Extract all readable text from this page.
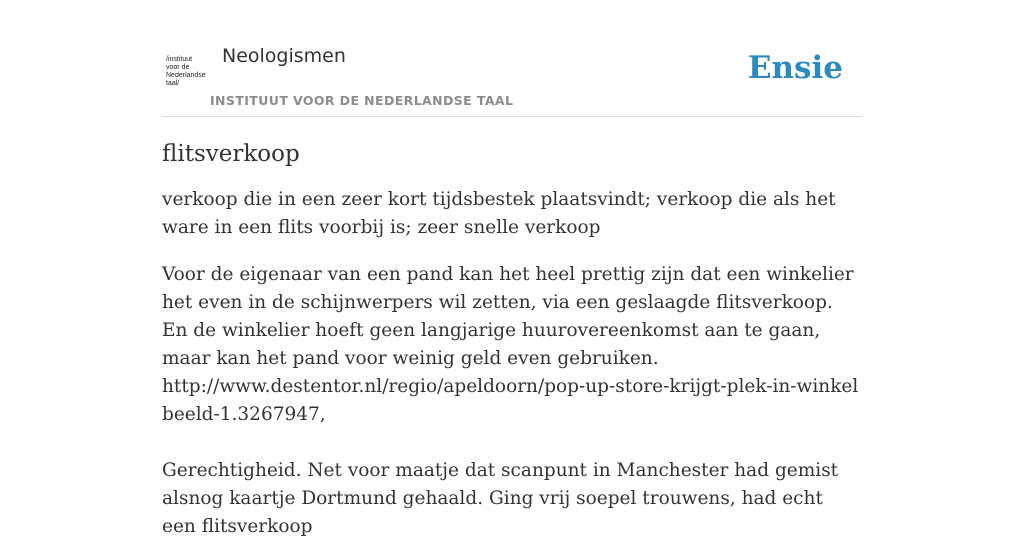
/instituut
voor de
Nederlandse
taal/
Neologismen
INSTITUUT VOOR DE NEDERLANDSE TAAL
Ensie
flitsverkoop

verkoop die in een zeer kort tijdsbestek plaatsvindt; verkoop die als het ware in een flits voorbij is; zeer snelle verkoop

Voor de eigenaar van een pand kan het heel prettig zijn dat een winkelier het even in de schijnwerpers wil zetten, via een geslaagde flitsverkoop. En de winkelier hoeft geen langjarige huurovereenkomst aan te gaan, maar kan het pand voor weinig geld even gebruiken.
http://www.destentor.nl/regio/apeldoorn/pop-up-store-krijgt-plek-in-winkelbeeld-1.3267947,

Gerechtigheid. Net voor maatje dat scanpunt in Manchester had gemist alsnog kaartje Dortmund gehaald. Ging vrij soepel trouwens, had echt een flitsverkoop
